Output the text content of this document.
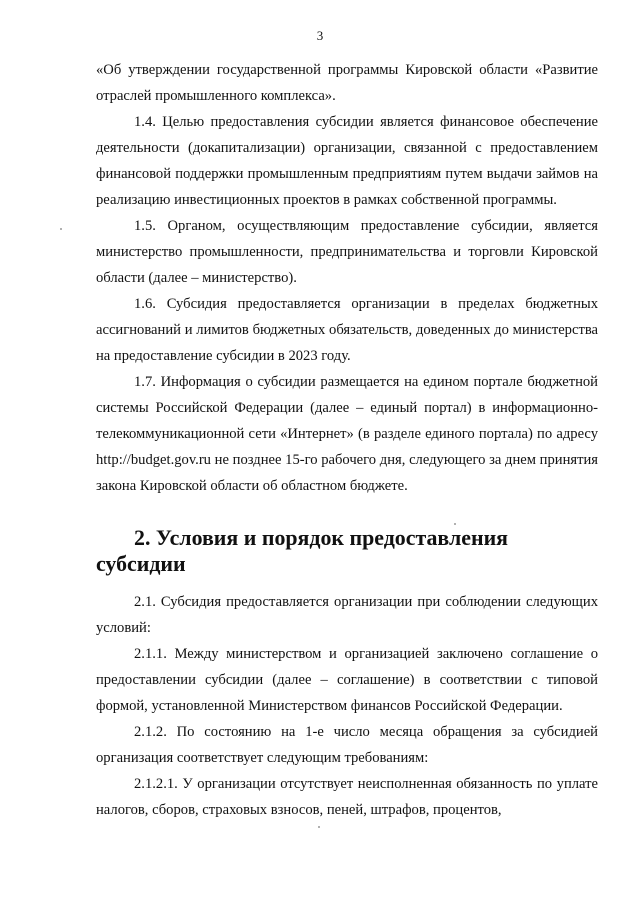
3

«Об утверждении государственной программы Кировской области «Развитие отраслей промышленного комплекса».

1.4. Целью предоставления субсидии является финансовое обеспечение деятельности (докапитализации) организации, связанной с предоставлением финансовой поддержки промышленным предприятиям путем выдачи займов на реализацию инвестиционных проектов в рамках собственной программы.

1.5. Органом, осуществляющим предоставление субсидии, является министерство промышленности, предпринимательства и торговли Кировской области (далее – министерство).

1.6. Субсидия предоставляется организации в пределах бюджетных ассигнований и лимитов бюджетных обязательств, доведенных до министерства на предоставление субсидии в 2023 году.

1.7. Информация о субсидии размещается на едином портале бюджетной системы Российской Федерации (далее – единый портал) в информационно-телекоммуникационной сети «Интернет» (в разделе единого портала) по адресу http://budget.gov.ru не позднее 15-го рабочего дня, следующего за днем принятия закона Кировской области об областном бюджете.

2. Условия и порядок предоставления субсидии

2.1. Субсидия предоставляется организации при соблюдении следующих условий:

2.1.1. Между министерством и организацией заключено соглашение о предоставлении субсидии (далее – соглашение) в соответствии с типовой формой, установленной Министерством финансов Российской Федерации.

2.1.2. По состоянию на 1-е число месяца обращения за субсидией организация соответствует следующим требованиям:

2.1.2.1. У организации отсутствует неисполненная обязанность по уплате налогов, сборов, страховых взносов, пеней, штрафов, процентов,
